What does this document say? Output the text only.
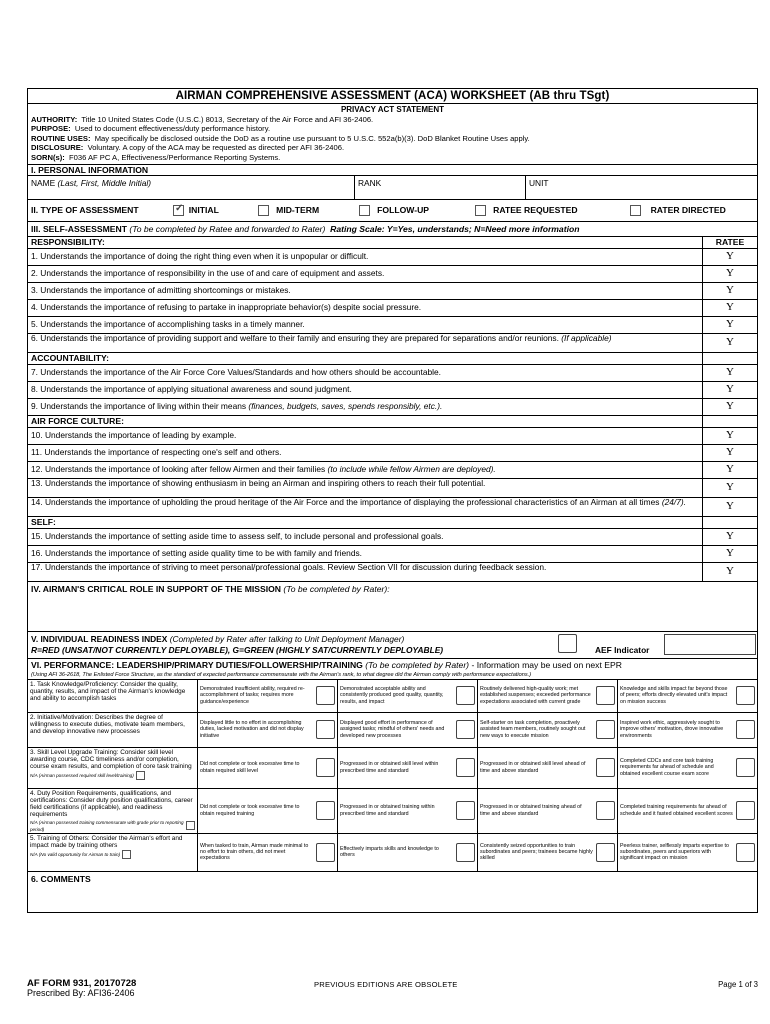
AIRMAN COMPREHENSIVE ASSESSMENT (ACA) WORKSHEET (AB thru TSgt)
PRIVACY ACT STATEMENT
AUTHORITY: Title 10 United States Code (U.S.C.) 8013, Secretary of the Air Force and AFI 36-2406.
PURPOSE: Used to document effectiveness/duty performance history.
ROUTINE USES: May specifically be disclosed outside the DoD as a routine use pursuant to 5 U.S.C. 552a(b)(3). DoD Blanket Routine Uses apply.
DISCLOSURE: Voluntary. A copy of the ACA may be requested as directed per AFI 36-2406.
SORN(s): F036 AF PC A, Effectiveness/Performance Reporting Systems.
I. PERSONAL INFORMATION
NAME (Last, First, Middle Initial)	RANK	UNIT
II. TYPE OF ASSESSMENT
✓
	INITIAL
	MID-TERM
	FOLLOW-UP
	RATEE REQUESTED
	RATER DIRECTED
III. SELF-ASSESSMENT
(To be completed by Ratee and forwarded to Rater)
Rating Scale: Y=Yes, understands; N=Need more information
RESPONSIBILITY:	RATEE
1. Understands the importance of doing the right thing even when it is unpopular or difficult.	Y
2. Understands the importance of responsibility in the use of and care of equipment and assets.	Y
3. Understands the importance of admitting shortcomings or mistakes.	Y
4. Understands the importance of refusing to partake in inappropriate behavior(s) despite social pressure.	Y
5. Understands the importance of accomplishing tasks in a timely manner.	Y
6. Understands the importance of providing support and welfare to their family and ensuring they are prepared for separations and/or reunions. (If applicable)	Y
ACCOUNTABILITY:
7. Understands the importance of the Air Force Core Values/Standards and how others should be accountable.	Y
8. Understands the importance of applying situational awareness and sound judgment.	Y
9. Understands the importance of living within their means (finances, budgets, saves, spends responsibly, etc.).	Y
AIR FORCE CULTURE:
10. Understands the importance of leading by example.	Y
11. Understands the importance of respecting one's self and others.	Y
12. Understands the importance of looking after fellow Airmen and their families (to include while fellow Airmen are deployed).	Y
13. Understands the importance of showing enthusiasm in being an Airman and inspiring others to reach their full potential.	Y
14. Understands the importance of upholding the proud heritage of the Air Force and the importance of displaying the professional characteristics of an Airman at all times (24/7).	Y
SELF:
15. Understands the importance of setting aside time to assess self, to include personal and professional goals.	Y
16. Understands the importance of setting aside quality time to be with family and friends.	Y
17. Understands the importance of striving to meet personal/professional goals. Review Section VII for discussion during feedback session.	Y
IV. AIRMAN'S CRITICAL ROLE IN SUPPORT OF THE MISSION (To be completed by Rater):
V. INDIVIDUAL READINESS INDEX (Completed by Rater after talking to Unit Deployment Manager)
R=RED (UNSAT/NOT CURRENTLY DEPLOYABLE), G=GREEN (HIGHLY SAT/CURRENTLY DEPLOYABLE)	AEF Indicator
VI. PERFORMANCE: LEADERSHIP/PRIMARY DUTIES/FOLLOWERSHIP/TRAINING (To be completed by Rater) - Information may be used on next EPR
(Using AFI 36-2618, The Enlisted Force Structure, as the standard of expected performance commensurate with the Airman's rank, to what degree did the Airman comply with performance expectations.)
1. Task Knowledge/Proficiency: Consider the quality, quantity, results, and impact of the Airman's knowledge and ability to accomplish tasks
Demonstrated insufficient ability, required re-accomplishment of tasks; requires more guidance/experience
Demonstrated acceptable ability and consistently produced good quality, quantity, results, and impact
Routinely delivered high-quality work; met established suspenses; exceeded performance expectations associated with current grade
Knowledge and skills impact far beyond those of peers; efforts directly elevated unit's impact on mission success
2. Initiative/Motivation: Describes the degree of willingness to execute duties, motivate team members, and develop innovative new processes
Displayed little to no effort in accomplishing duties, lacked motivation and did not display initiative
Displayed good effort in performance of assigned tasks; mindful of others' needs and developed new processes
Self-starter on task completion, proactively assisted team members, routinely sought out new ways to execute mission
Inspired work ethic, aggressively sought to improve others' motivation, drove innovative environments
3. Skill Level Upgrade Training: Consider skill level awarding course, CDC timeliness and/or completion, course exam results, and completion of core task training
N/A (Airman possessed required skill level/training)
Did not complete or took excessive time to obtain required skill level
Progressed in or obtained skill level within prescribed time and standard
Progressed in or obtained skill level ahead of time and above standard
Completed CDCs and core task training requirements far ahead of schedule and obtained excellent course exam score
4. Duty Position Requirements, qualifications, and certifications: Consider duty position qualifications, career field certifications (if applicable), and readiness requirements
N/A (Airman possessed training commensurate with grade prior to reporting period)
Did not complete or took excessive time to obtain required training
Progressed in or obtained training within prescribed time and standard
Progressed in or obtained training ahead of time and above standard
Completed training requirements far ahead of schedule and it fasted obtained excellent scores
5. Training of Others: Consider the Airman's effort and impact made by training others
N/A (No valid opportunity for Airman to train)
When tasked to train, Airman made minimal to no effort to train others, did not meet expectations
Effectively imparts skills and knowledge to others
Consistently seized opportunities to train subordinates and peers; trainees became highly skilled
Peerless trainer, selflessly imparts expertise to subordinates, peers and superiors with significant impact on mission
6. COMMENTS
AF FORM 931, 20170728
Prescribed By: AFI36-2406
PREVIOUS EDITIONS ARE OBSOLETE	Page 1 of 3
